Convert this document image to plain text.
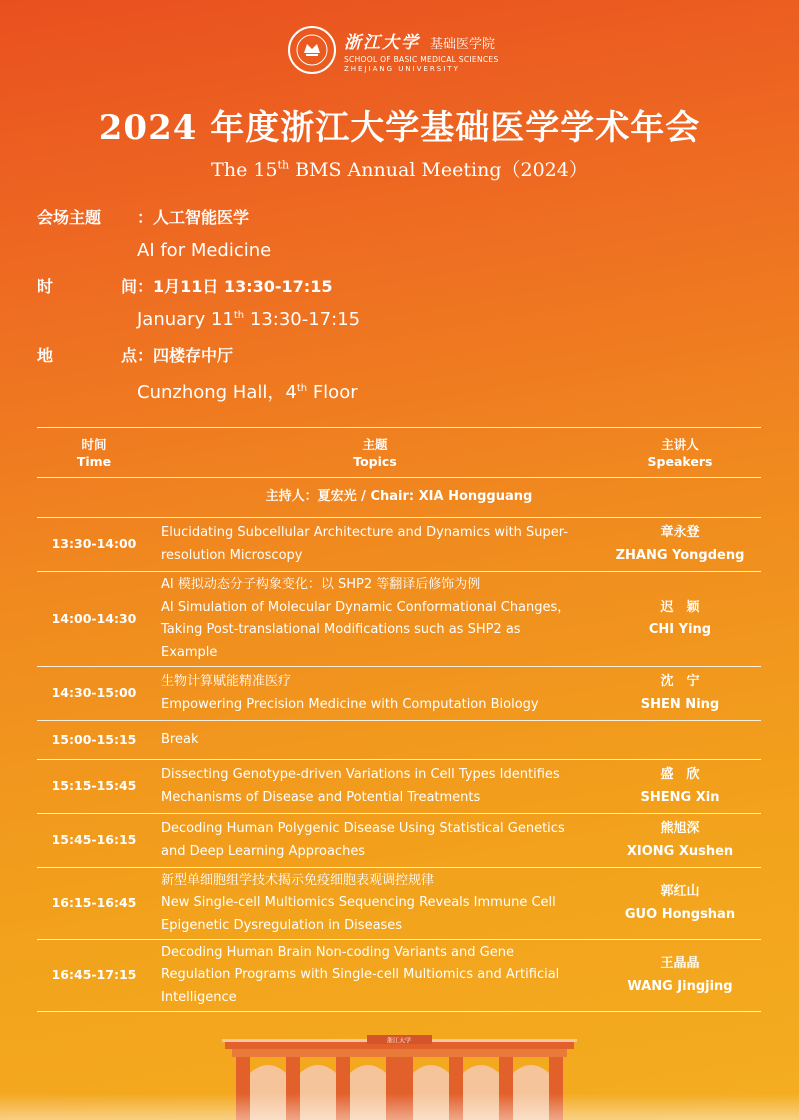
浙江大学 基础医学院
SCHOOL OF BASIC MEDICAL SCIENCES
ZHEJIANG UNIVERSITY
2024 年度浙江大学基础医学学术年会
The 15th BMS Annual Meeting（2024）
会场主题	： 人工智能医学
AI for Medicine
时	间 ： 1月11日 13:30-17:15
January 11th 13:30-17:15
地	点 ： 四楼存中厅
Cunzhong Hall，4th Floor
时间
Time	主题
Topics	主讲人
Speakers
主持人：夏宏光 / Chair: XIA Hongguang		
13:30-14:00	Elucidating Subcellular Architecture and Dynamics with Super-
resolution Microscopy	章永登
ZHANG Yongdeng

14:00-14:30	AI 模拟动态分子构象变化：以 SHP2 等翻译后修饰为例
AI Simulation of Molecular Dynamic Conformational Changes，
Taking Post-translational Modifications such as SHP2 as
Example	迟　颖
CHI Ying

14:30-15:00	生物计算赋能精准医疗
Empowering Precision Medicine with Computation Biology	沈　宁
SHEN Ning

15:00-15:15	Break	

15:15-15:45	Dissecting Genotype-driven Variations in Cell Types Identifies
Mechanisms of Disease and Potential Treatments	盛　欣
SHENG Xin

15:45-16:15	Decoding Human Polygenic Disease Using Statistical Genetics
and Deep Learning Approaches	熊旭深
XIONG Xushen

16:15-16:45	新型单细胞组学技术揭示免疫细胞表观调控规律
New Single-cell Multiomics Sequencing Reveals Immune Cell
Epigenetic Dysregulation in Diseases	郭红山
GUO Hongshan

16:45-17:15	Decoding Human Brain Non-coding Variants and Gene
Regulation Programs with Single-cell Multiomics and Artificial
Intelligence	王晶晶
WANG Jingjing
浙江大学
